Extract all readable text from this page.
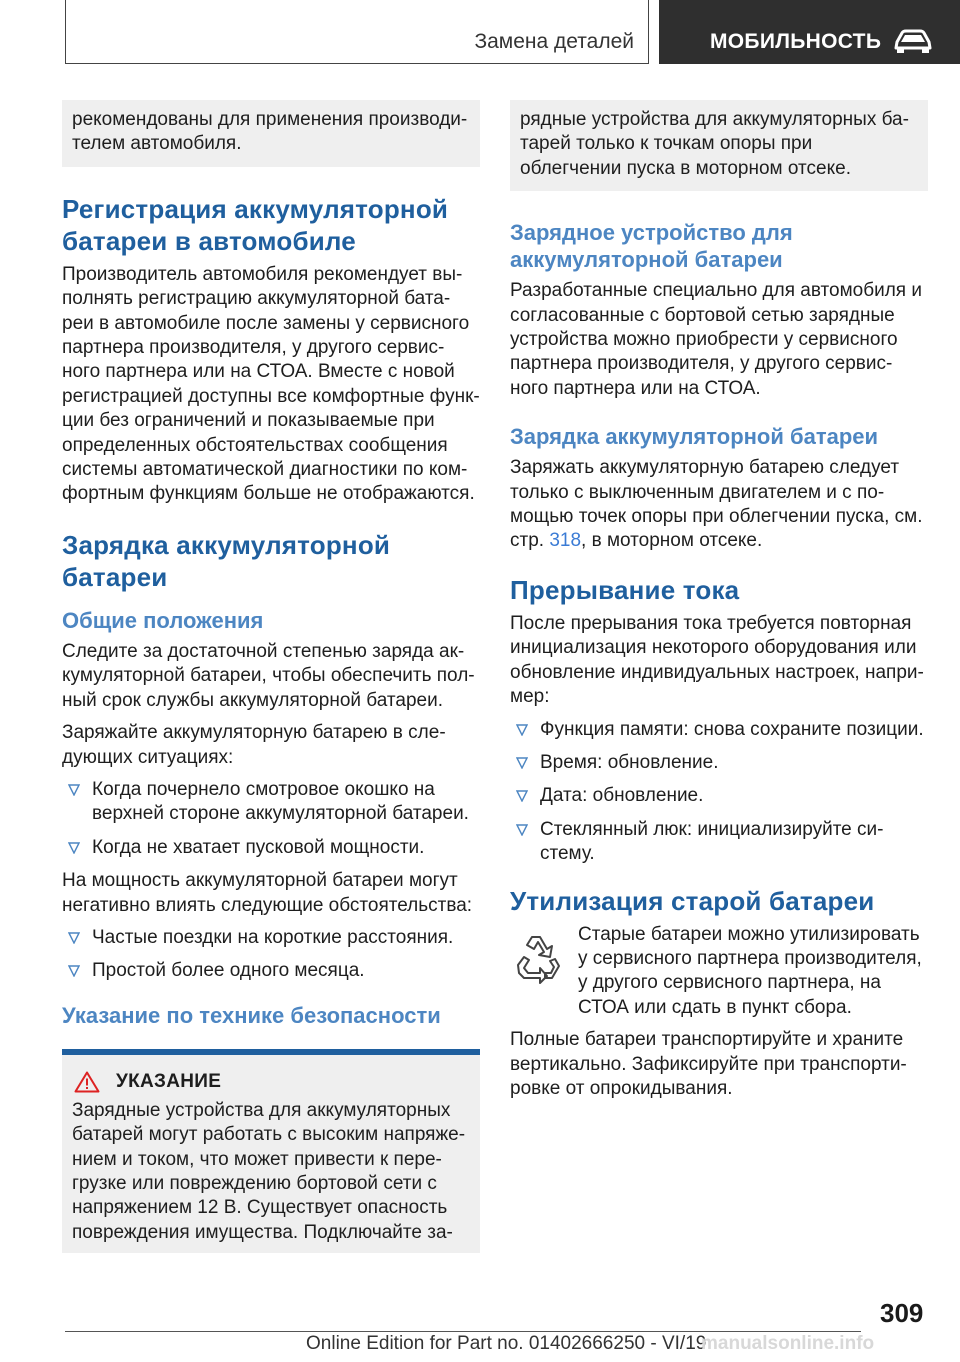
Замена деталей	МОБИЛЬНОСТЬ

рекомендованы для применения производи-телем автомобиля.

Регистрация аккумуляторной батареи в автомобиле

Производитель автомобиля рекомендует вы-полнять регистрацию аккумуляторной бата-реи в автомобиле после замены у сервисного партнера производителя, у другого сервис-ного партнера или на СТОА. Вместе с новой регистрацией доступны все комфортные функ-ции без ограничений и показываемые при определенных обстоятельствах сообщения системы автоматической диагностики по ком-фортным функциям больше не отображаются.

Зарядка аккумуляторной батареи
Общие положения

Следите за достаточной степенью заряда ак-кумуляторной батареи, чтобы обеспечить пол-ный срок службы аккумуляторной батареи.

Заряжайте аккумуляторную батарею в сле-дующих ситуациях:

Когда почернело смотровое окошко на верхней стороне аккумуляторной батареи.
Когда не хватает пусковой мощности.

На мощность аккумуляторной батареи могут негативно влиять следующие обстоятельства:

Частые поездки на короткие расстояния.
Простой более одного месяца.
Указание по технике безопасности
УКАЗАНИЕ

Зарядные устройства для аккумуляторных батарей могут работать с высоким напряже-нием и током, что может привести к пере-грузке или повреждению бортовой сети с напряжением 12 В. Существует опасность повреждения имущества. Подключайте за-

рядные устройства для аккумуляторных ба-тарей только к точкам опоры при облегчении пуска в моторном отсеке.

Зарядное устройство для аккумуляторной батареи

Разработанные специально для автомобиля и согласованные с бортовой сетью зарядные устройства можно приобрести у сервисного партнера производителя, у другого сервис-ного партнера или на СТОА.

Зарядка аккумуляторной батареи

Заряжать аккумуляторную батарею следует только с выключенным двигателем и с по-мощью точек опоры при облегчении пуска, см. стр. 318, в моторном отсеке.

Прерывание тока

После прерывания тока требуется повторная инициализация некоторого оборудования или обновление индивидуальных настроек, напри-мер:

Функция памяти: снова сохраните позиции.
Время: обновление.
Дата: обновление.
Стеклянный люк: инициализируйте си-стему.
Утилизация старой батареи

Старые батареи можно утилизировать у сервисного партнера производителя, у другого сервисного партнера, на СТОА или сдать в пункт сбора.

Полные батареи транспортируйте и храните вертикально. Зафиксируйте при транспорти-ровке от опрокидывания.

309
Online Edition for Part no. 01402666250 - VI/19
manualsonline.info
